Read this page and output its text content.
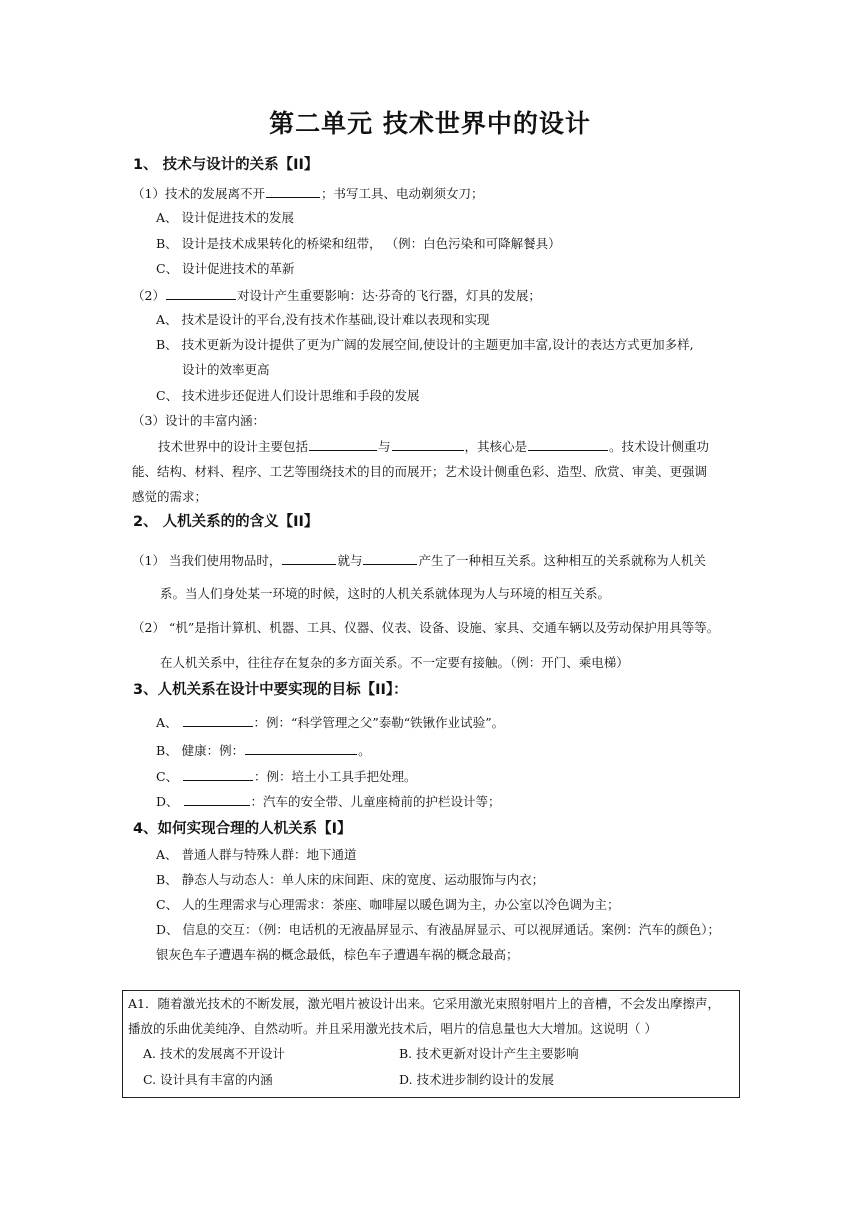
第二单元 技术世界中的设计
1、 技术与设计的关系【II】
（1）技术的发展离不开	；书写工具、电动剃须女刀；
A、 设计促进技术的发展
B、 设计是技术成果转化的桥梁和纽带， （例：白色污染和可降解餐具）
C、 设计促进技术的革新
（2）	对设计产生重要影响：达·芬奇的飞行器，灯具的发展；
A、 技术是设计的平台,没有技术作基础,设计难以表现和实现
B、 技术更新为设计提供了更为广阔的发展空间,使设计的主题更加丰富,设计的表达方式更加多样,
设计的效率更高
C、 技术进步还促进人们设计思维和手段的发展
（3）设计的丰富内涵：
技术世界中的设计主要包括	与	，其核心是	。技术设计侧重功
能、结构、材料、程序、工艺等围绕技术的目的而展开；艺术设计侧重色彩、造型、欣赏、审美、更强调
感觉的需求；
2、 人机关系的的含义【II】
（1） 当我们使用物品时，	就与	产生了一种相互关系。这种相互的关系就称为人机关
系。当人们身处某一环境的时候，这时的人机关系就体现为人与环境的相互关系。
（2） “机”是指计算机、机器、工具、仪器、仪表、设备、设施、家具、交通车辆以及劳动保护用具等等。
在人机关系中，往往存在复杂的多方面关系。不一定要有接触。（例：开门、乘电梯）
3、人机关系在设计中要实现的目标【II】：
A、	：例：“科学管理之父”泰勒“铁锹作业试验”。
B、 健康：例：	。
C、	：例：培土小工具手把处理。
D、	：汽车的安全带、儿童座椅前的护栏设计等；
4、如何实现合理的人机关系【I】
A、 普通人群与特殊人群：地下通道
B、 静态人与动态人：单人床的床间距、床的宽度、运动服饰与内衣；
C、 人的生理需求与心理需求：茶座、咖啡屋以暖色调为主，办公室以冷色调为主；
D、 信息的交互：（例：电话机的无液晶屏显示、有液晶屏显示、可以视屏通话。案例：汽车的颜色）；
银灰色车子遭遇车祸的概念最低，棕色车子遭遇车祸的概念最高；
A1．随着激光技术的不断发展，激光唱片被设计出来。它采用激光束照射唱片上的音槽，不会发出摩擦声，
播放的乐曲优美纯净、自然动听。并且采用激光技术后，唱片的信息量也大大增加。这说明（ ）
A. 技术的发展离不开设计	B. 技术更新对设计产生主要影响
C. 设计具有丰富的内涵	D. 技术进步制约设计的发展
